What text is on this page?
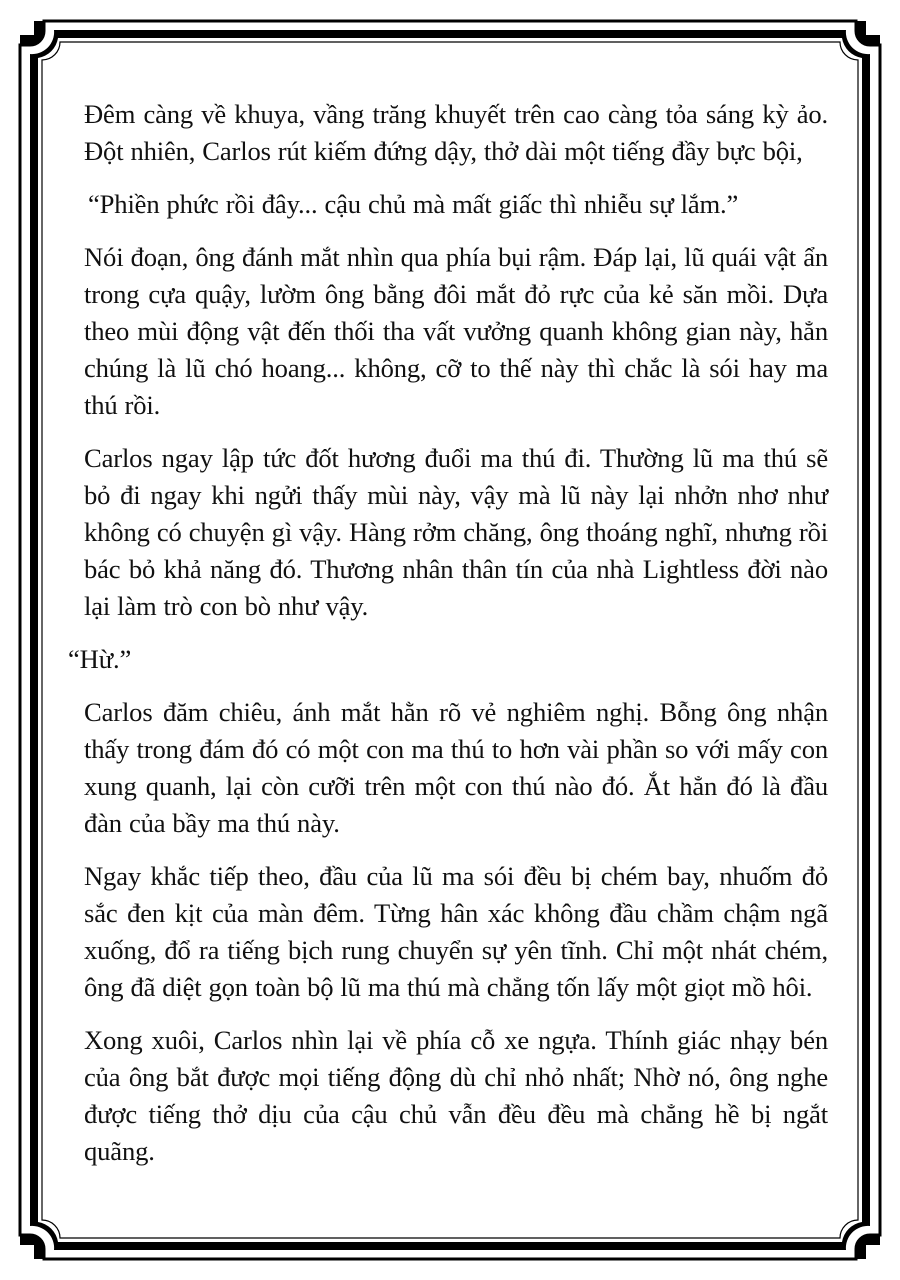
Đêm càng về khuya, vầng trăng khuyết trên cao càng tỏa sáng kỳ ảo. Đột nhiên, Carlos rút kiếm đứng dậy, thở dài một tiếng đầy bực bội,

“Phiền phức rồi đây... cậu chủ mà mất giấc thì nhiễu sự lắm.”

Nói đoạn, ông đánh mắt nhìn qua phía bụi rậm. Đáp lại, lũ quái vật ẩn trong cựa quậy, lườm ông bằng đôi mắt đỏ rực của kẻ săn mồi. Dựa theo mùi động vật đến thối tha vất vưởng quanh không gian này, hẳn chúng là lũ chó hoang... không, cỡ to thế này thì chắc là sói hay ma thú rồi.

Carlos ngay lập tức đốt hương đuổi ma thú đi. Thường lũ ma thú sẽ bỏ đi ngay khi ngửi thấy mùi này, vậy mà lũ này lại nhởn nhơ như không có chuyện gì vậy. Hàng rởm chăng, ông thoáng nghĩ, nhưng rồi bác bỏ khả năng đó. Thương nhân thân tín của nhà Lightless đời nào lại làm trò con bò như vậy.

“Hừ.”

Carlos đăm chiêu, ánh mắt hằn rõ vẻ nghiêm nghị. Bỗng ông nhận thấy trong đám đó có một con ma thú to hơn vài phần so với mấy con xung quanh, lại còn cưỡi trên một con thú nào đó. Ắt hẳn đó là đầu đàn của bầy ma thú này.

Ngay khắc tiếp theo, đầu của lũ ma sói đều bị chém bay, nhuốm đỏ sắc đen kịt của màn đêm. Từng hân xác không đầu chầm chậm ngã xuống, đổ ra tiếng bịch rung chuyển sự yên tĩnh. Chỉ một nhát chém, ông đã diệt gọn toàn bộ lũ ma thú mà chẳng tốn lấy một giọt mồ hôi.

Xong xuôi, Carlos nhìn lại về phía cỗ xe ngựa. Thính giác nhạy bén của ông bắt được mọi tiếng động dù chỉ nhỏ nhất; Nhờ nó, ông nghe được tiếng thở dịu của cậu chủ vẫn đều đều mà chẳng hề bị ngắt quãng.
